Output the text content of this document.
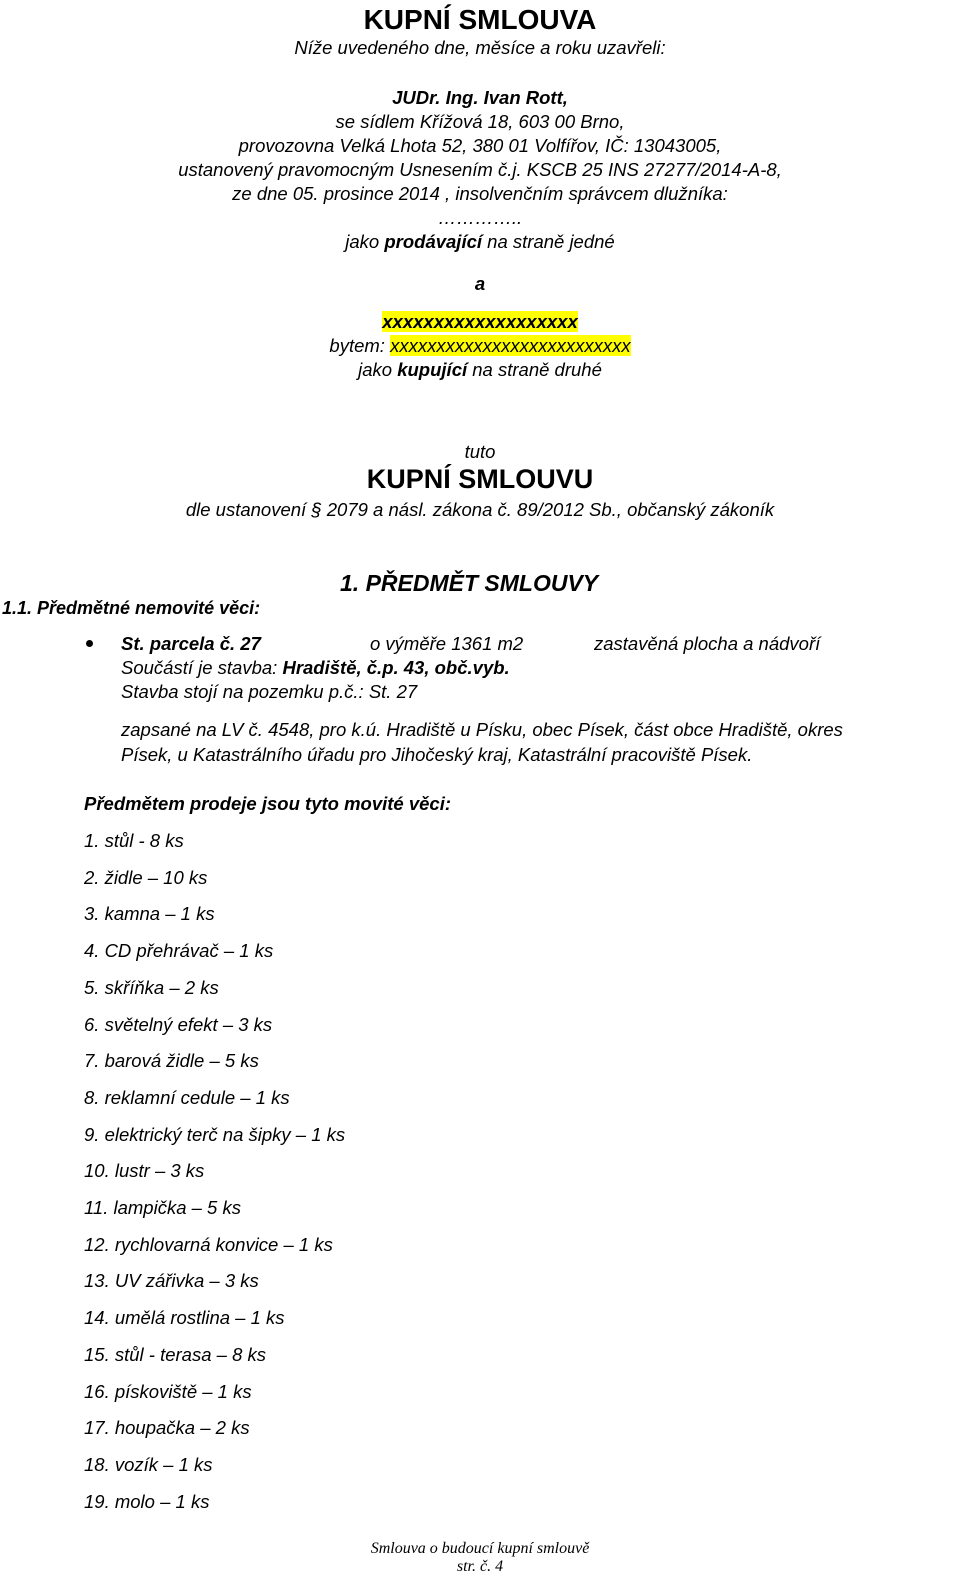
KUPNÍ SMLOUVA
Níže uvedeného dne, měsíce a roku uzavřeli:
JUDr. Ing. Ivan Rott,
se sídlem Křížová 18, 603 00 Brno,
provozovna Velká Lhota 52, 380 01 Volfířov, IČ: 13043005,
ustanovený pravomocným Usnesením č.j. KSCB 25 INS 27277/2014-A-8,
ze dne 05. prosince 2014 , insolvenčním správcem dlužníka:
…………..
jako prodávající na straně jedné
a
xxxxxxxxxxxxxxxxxxx
bytem: xxxxxxxxxxxxxxxxxxxxxxxxxx
jako kupující na straně druhé
tuto
KUPNÍ SMLOUVU
dle ustanovení § 2079 a násl. zákona č. 89/2012 Sb., občanský zákoník
1. PŘEDMĚT SMLOUVY
1.1. Předmětné nemovité věci:
St. parcela č. 27	o výměře 1361 m2	zastavěná plocha a nádvoří
Součástí je stavba: Hradiště, č.p. 43, obč.vyb.
Stavba stojí na pozemku p.č.: St. 27
zapsané na LV č. 4548, pro k.ú. Hradiště u Písku, obec Písek, část obce Hradiště, okres
Písek, u Katastrálního úřadu pro Jihočeský kraj, Katastrální pracoviště Písek.
Předmětem prodeje jsou tyto movité věci:
1. stůl - 8 ks
2. židle – 10 ks
3. kamna – 1 ks
4. CD přehrávač – 1 ks
5. skříňka – 2 ks
6. světelný efekt – 3 ks
7. barová židle – 5 ks
8. reklamní cedule – 1 ks
9. elektrický terč na šipky – 1 ks
10. lustr – 3 ks
11. lampička – 5 ks
12. rychlovarná konvice – 1 ks
13. UV zářivka – 3 ks
14. umělá rostlina – 1 ks
15. stůl - terasa – 8 ks
16. pískoviště – 1 ks
17. houpačka – 2 ks
18. vozík – 1 ks
19. molo – 1 ks
Smlouva o budoucí kupní smlouvě
str. č. 4
